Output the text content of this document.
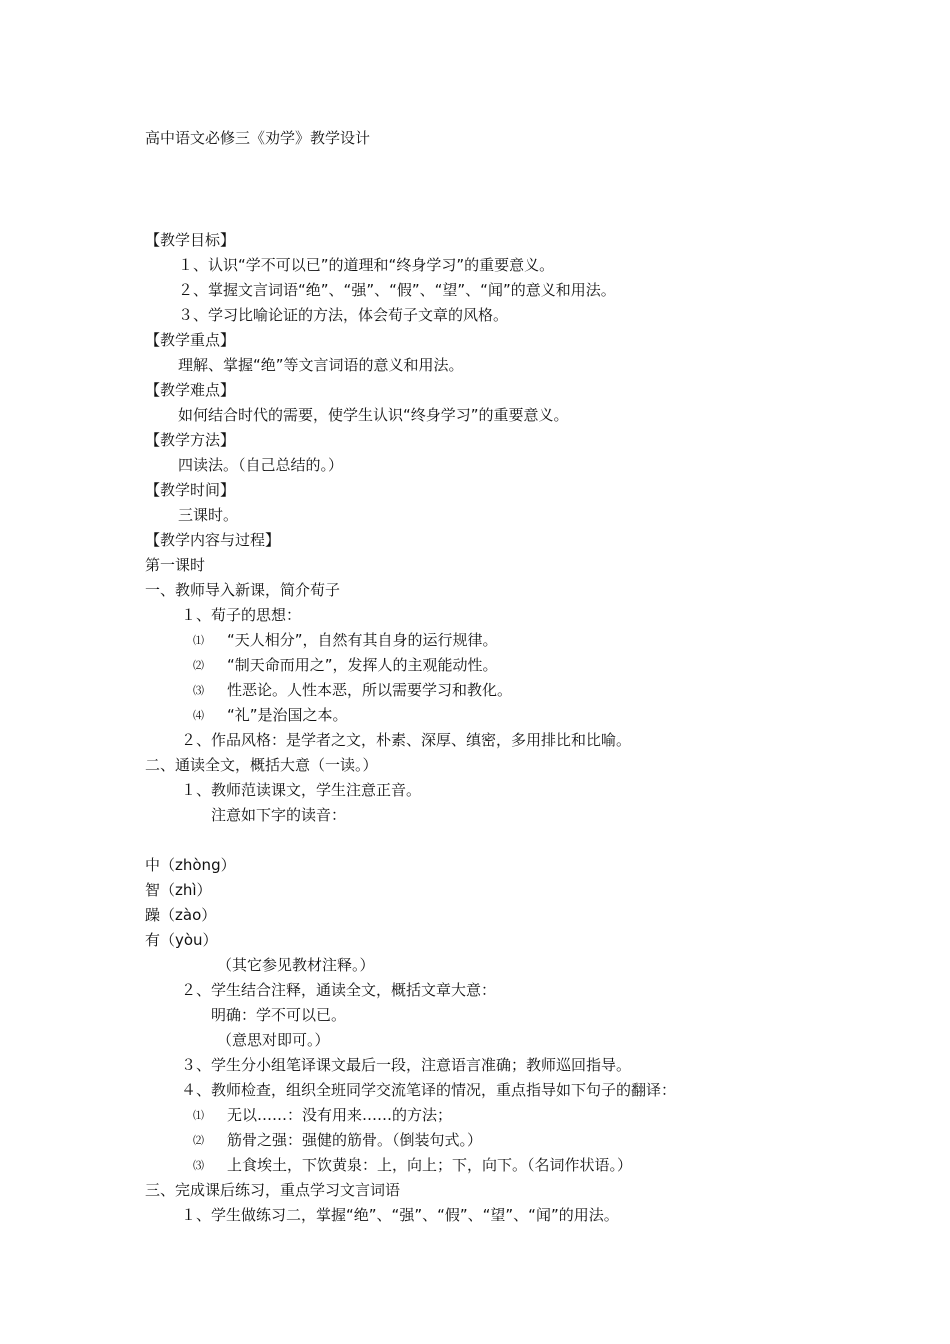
高中语文必修三《劝学》教学设计
【教学目标】
１、认识“学不可以已”的道理和“终身学习”的重要意义。
２、掌握文言词语“绝”、“强”、“假”、“望”、“闻”的意义和用法。
３、学习比喻论证的方法，体会荀子文章的风格。
【教学重点】
理解、掌握“绝”等文言词语的意义和用法。
【教学难点】
如何结合时代的需要，使学生认识“终身学习”的重要意义。
【教学方法】
四读法。（自己总结的。）
【教学时间】
三课时。
【教学内容与过程】
第一课时
一、教师导入新课，简介荀子
１、荀子的思想：
⑴ “天人相分”，自然有其自身的运行规律。
⑵ “制天命而用之”，发挥人的主观能动性。
⑶ 性恶论。人性本恶，所以需要学习和教化。
⑷ “礼”是治国之本。
２、作品风格：是学者之文，朴素、深厚、缜密，多用排比和比喻。
二、通读全文，概括大意（一读。）
１、教师范读课文，学生注意正音。
注意如下字的读音：
中（zhòng）
智（zhì）
躁（zào）
有（yòu）
（其它参见教材注释。）
２、学生结合注释，通读全文，概括文章大意：
明确：学不可以已。
（意思对即可。）
３、学生分小组笔译课文最后一段，注意语言准确；教师巡回指导。
４、教师检查，组织全班同学交流笔译的情况，重点指导如下句子的翻译：
⑴ 无以……：没有用来……的方法；
⑵ 筋骨之强：强健的筋骨。（倒装句式。）
⑶ 上食埃土，下饮黄泉：上，向上；下，向下。（名词作状语。）
三、完成课后练习，重点学习文言词语
１、学生做练习二，掌握“绝”、“强”、“假”、“望”、“闻”的用法。
